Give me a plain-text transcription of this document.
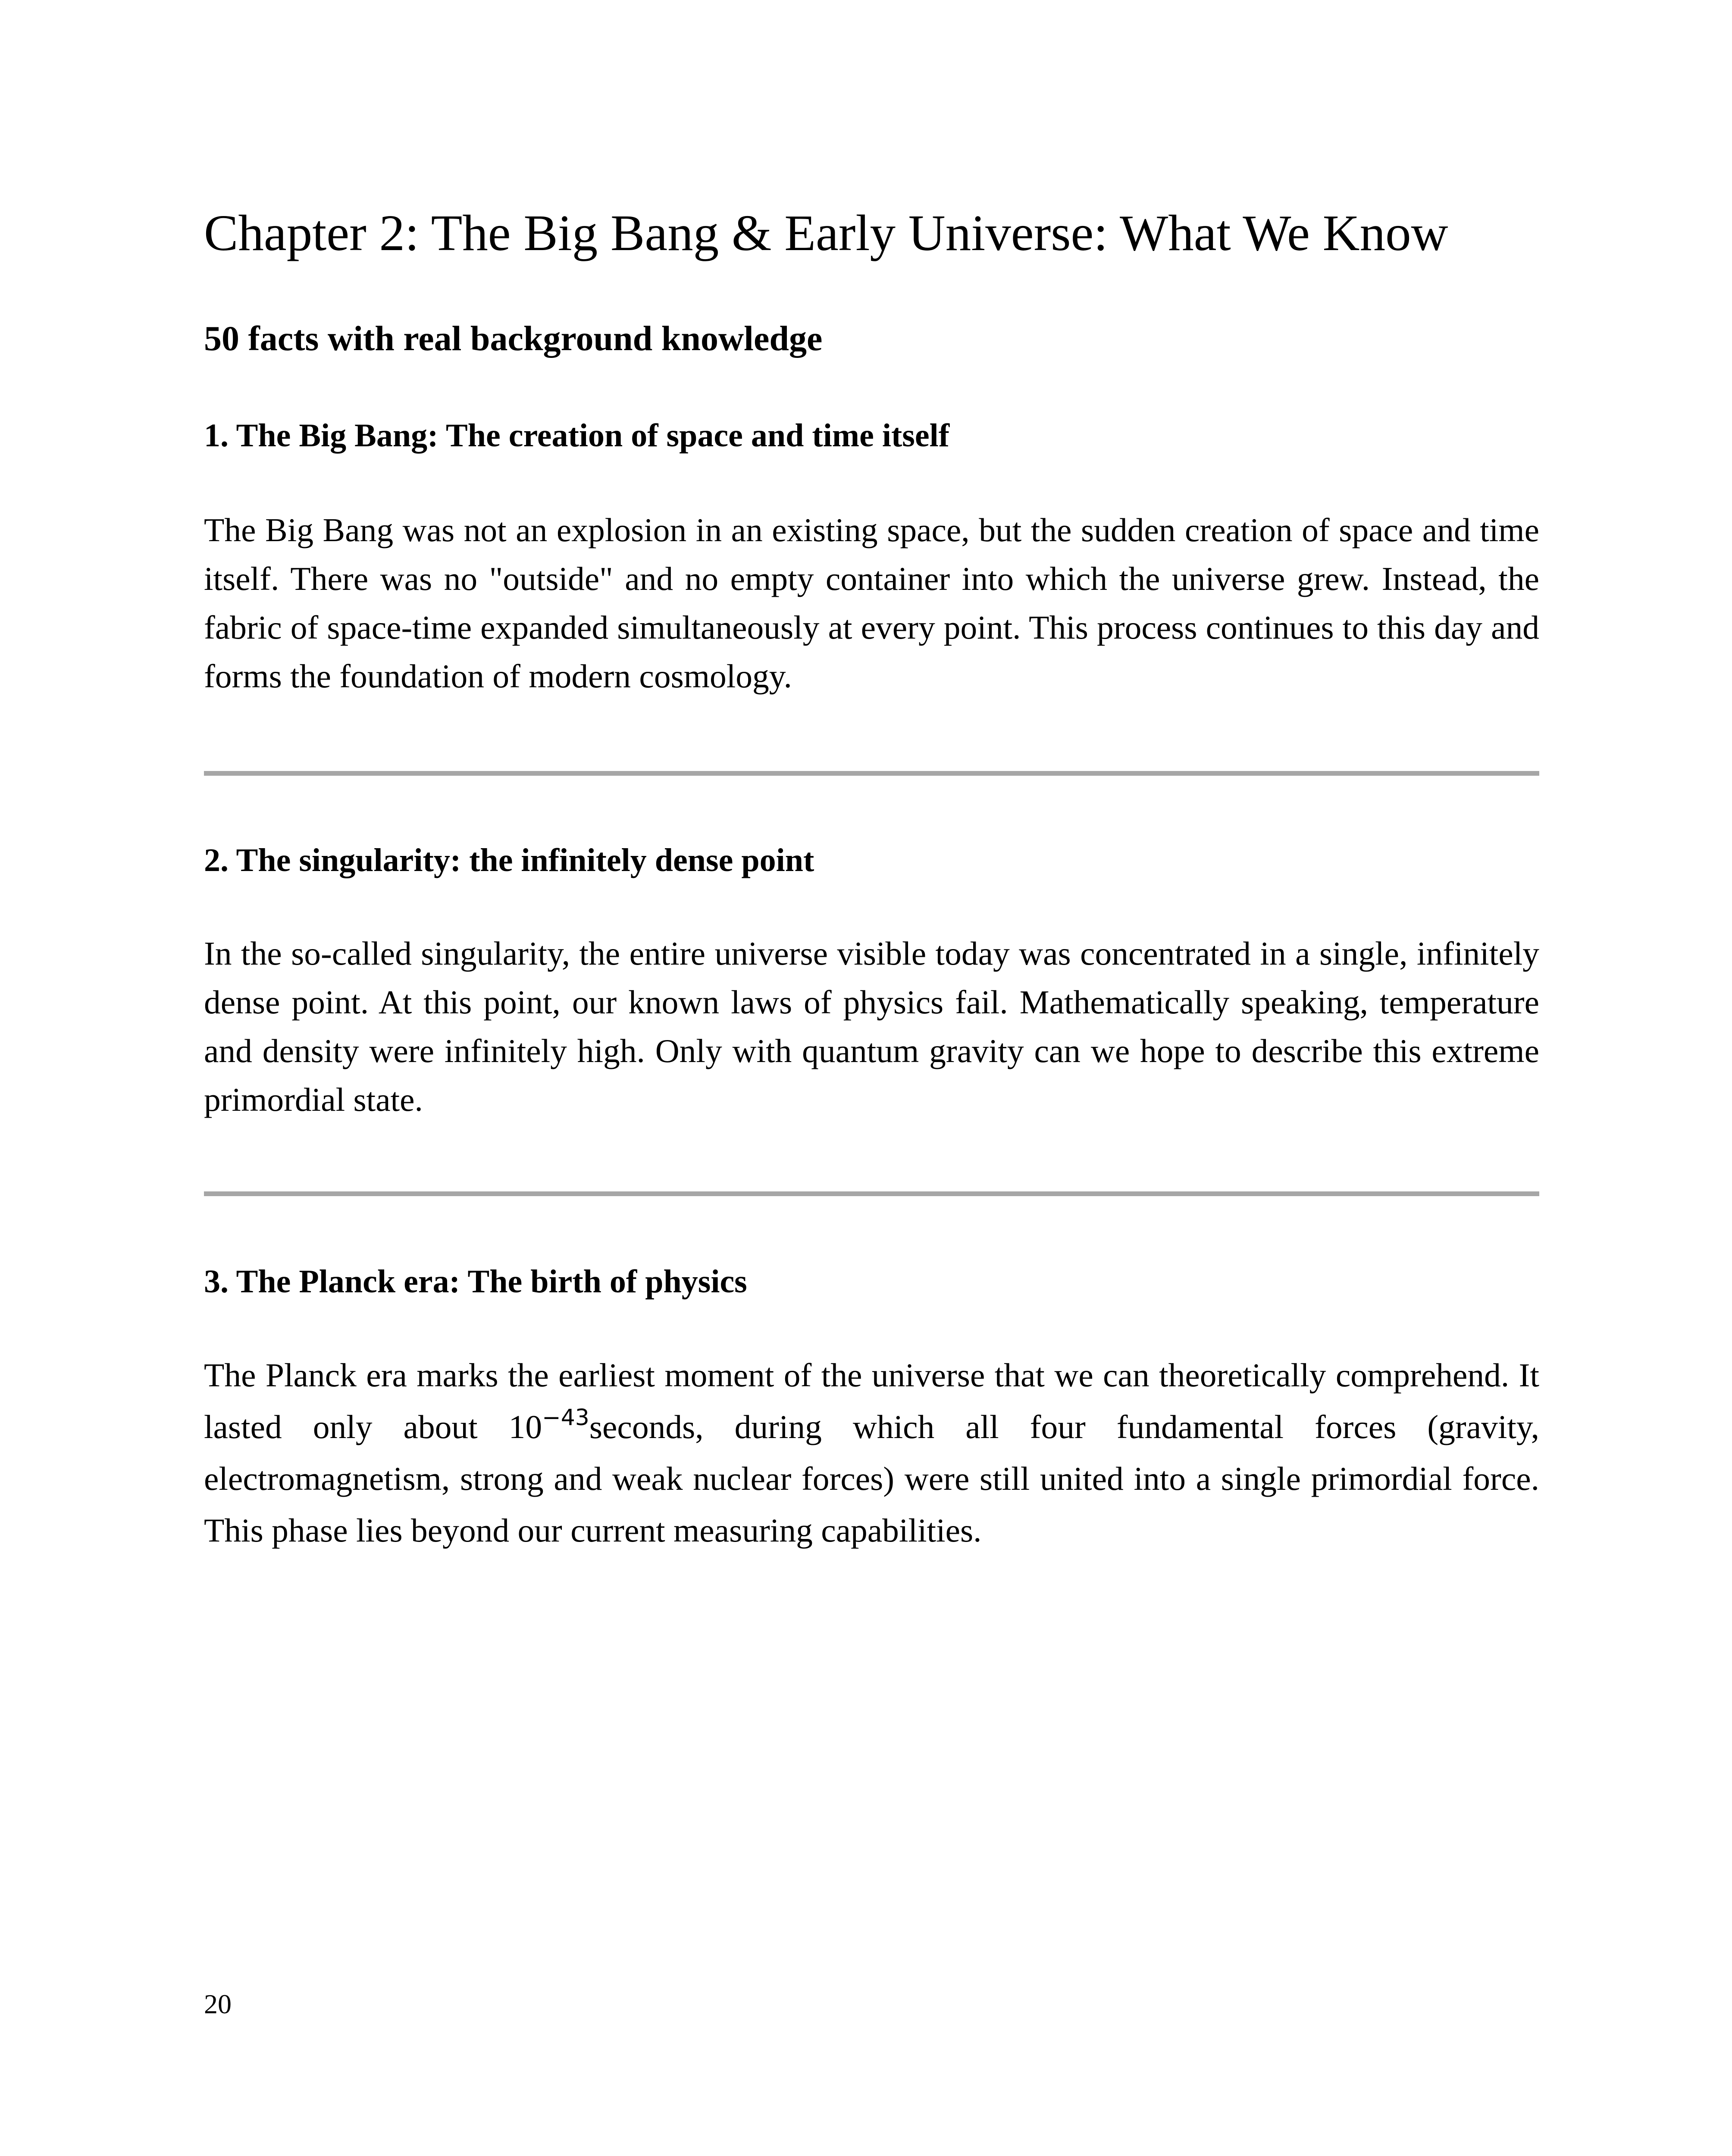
Chapter 2: The Big Bang & Early Universe: What We Know
50 facts with real background knowledge
1. The Big Bang: The creation of space and time itself

The Big Bang was not an explosion in an existing space, but the sudden creation of space and time itself. There was no "outside" and no empty container into which the universe grew. Instead, the fabric of space-time expanded simultaneously at every point. This process continues to this day and forms the foundation of modern cosmology.

2. The singularity: the infinitely dense point

In the so-called singularity, the entire universe visible today was concentrated in a single, infinitely dense point. At this point, our known laws of physics fail. Mathematically speaking, temperature and density were infinitely high. Only with quantum gravity can we hope to describe this extreme primordial state.

3. The Planck era: The birth of physics

The Planck era marks the earliest moment of the universe that we can theoretically comprehend. It lasted only about $10^{-43}seconds$, during which all four fundamental forces (gravity, electromagnetism, strong and weak nuclear forces) were still united into a single primordial force. This phase lies beyond our current measuring capabilities.

20
